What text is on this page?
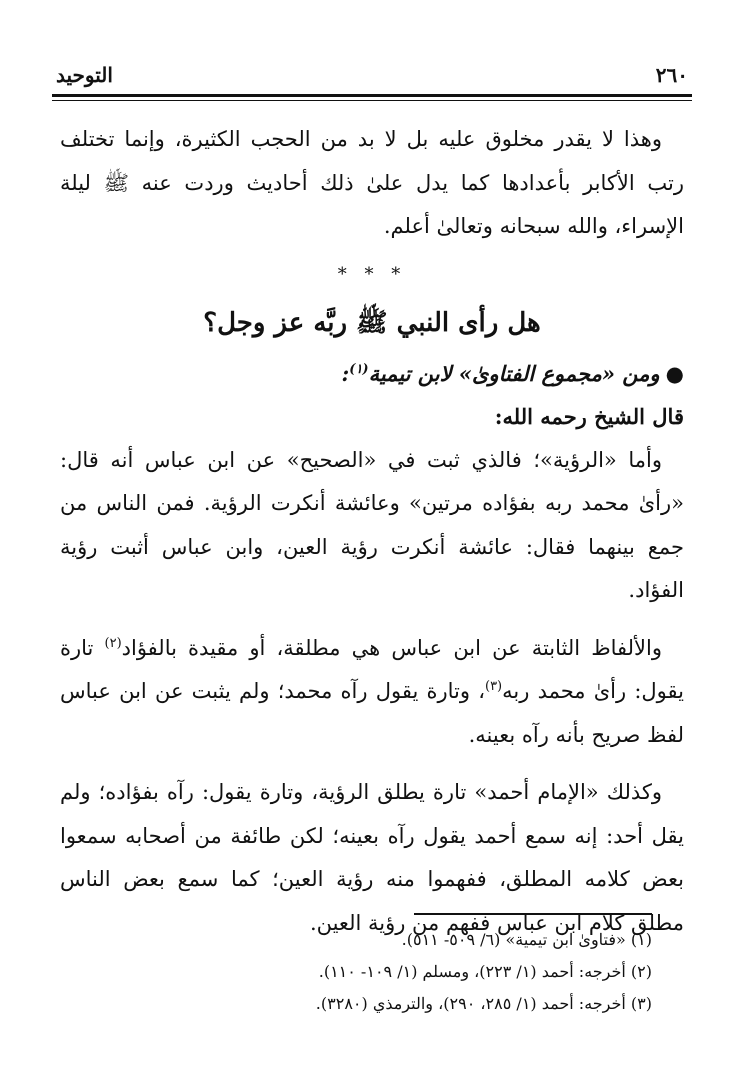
٢٦٠
التوحيد

وهذا لا يقدر مخلوق عليه بل لا بد من الحجب الكثيرة، وإنما تختلف رتب الأكابر بأعدادها كما يدل علىٰ ذلك أحاديث وردت عنه ﷺ ليلة الإسراء، والله سبحانه وتعالىٰ أعلم.

* * *
هل رأى النبي ﷺ ربَّه عز وجل؟

●ومن «مجموع الفتاوىٰ» لابن تيمية$^{(١)}$:

قال الشيخ رحمه الله:

وأما «الرؤية»؛ فالذي ثبت في «الصحيح» عن ابن عباس أنه قال: «رأىٰ محمد ربه بفؤاده مرتين» وعائشة أنكرت الرؤية. فمن الناس من جمع بينهما فقال: عائشة أنكرت رؤية العين، وابن عباس أثبت رؤية الفؤاد.

والألفاظ الثابتة عن ابن عباس هي مطلقة، أو مقيدة بالفؤاد$^{(٢)}$ تارة يقول: رأىٰ محمد ربه$^{(٣)}$، وتارة يقول رآه محمد؛ ولم يثبت عن ابن عباس لفظ صريح بأنه رآه بعينه.

وكذلك «الإمام أحمد» تارة يطلق الرؤية، وتارة يقول: رآه بفؤاده؛ ولم يقل أحد: إنه سمع أحمد يقول رآه بعينه؛ لكن طائفة من أصحابه سمعوا بعض كلامه المطلق، ففهموا منه رؤية العين؛ كما سمع بعض الناس مطلق كلام ابن عباس ففهم من رؤية العين.

(١) «فتاوىٰ ابن تيمية» (٦/ ٥٠٩- ٥١١).
(٢) أخرجه: أحمد (١/ ٢٢٣)، ومسلم (١/ ١٠٩- ١١٠).
(٣) أخرجه: أحمد (١/ ٢٨٥، ٢٩٠)، والترمذي (٣٢٨٠).
